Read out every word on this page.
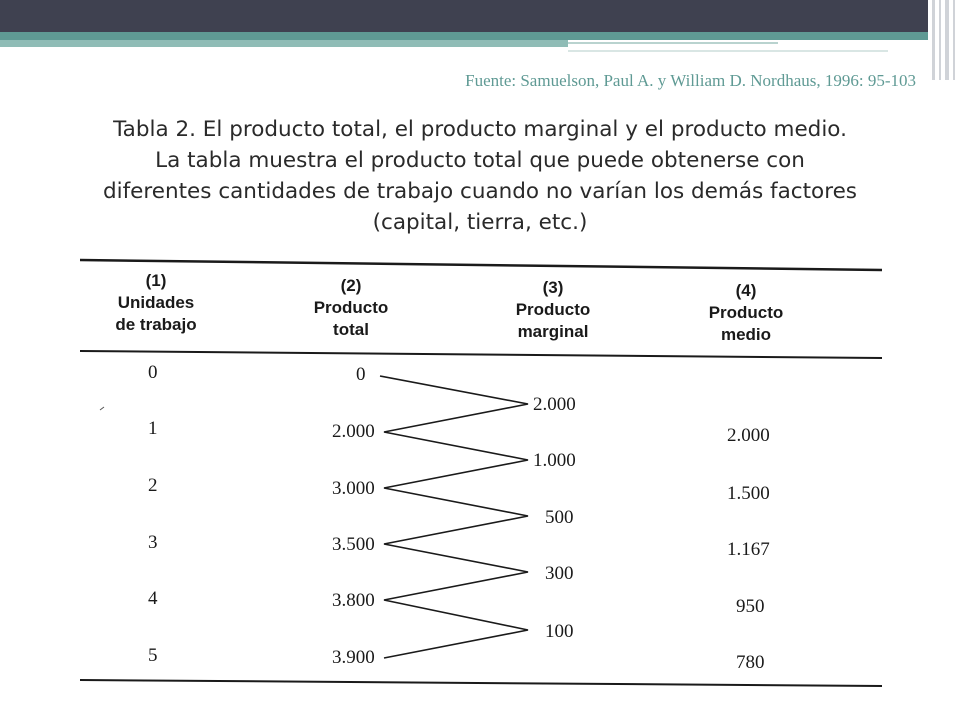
Fuente: Samuelson, Paul A. y William D. Nordhaus, 1996: 95-103
Tabla 2. El producto total, el producto marginal y el producto medio.
La tabla muestra el producto total que puede obtenerse con
diferentes cantidades de trabajo cuando no varían los demás factores
(capital, tierra, etc.)
(1)
Unidades
de trabajo
(2)
Producto
total
(3)
Producto
marginal
(4)
Producto
medio
0
1
2
3
4
5
0
2.000
3.000
3.500
3.800
3.900
2.000
1.000
500
300
100
2.000
1.500
1.167
950
780
